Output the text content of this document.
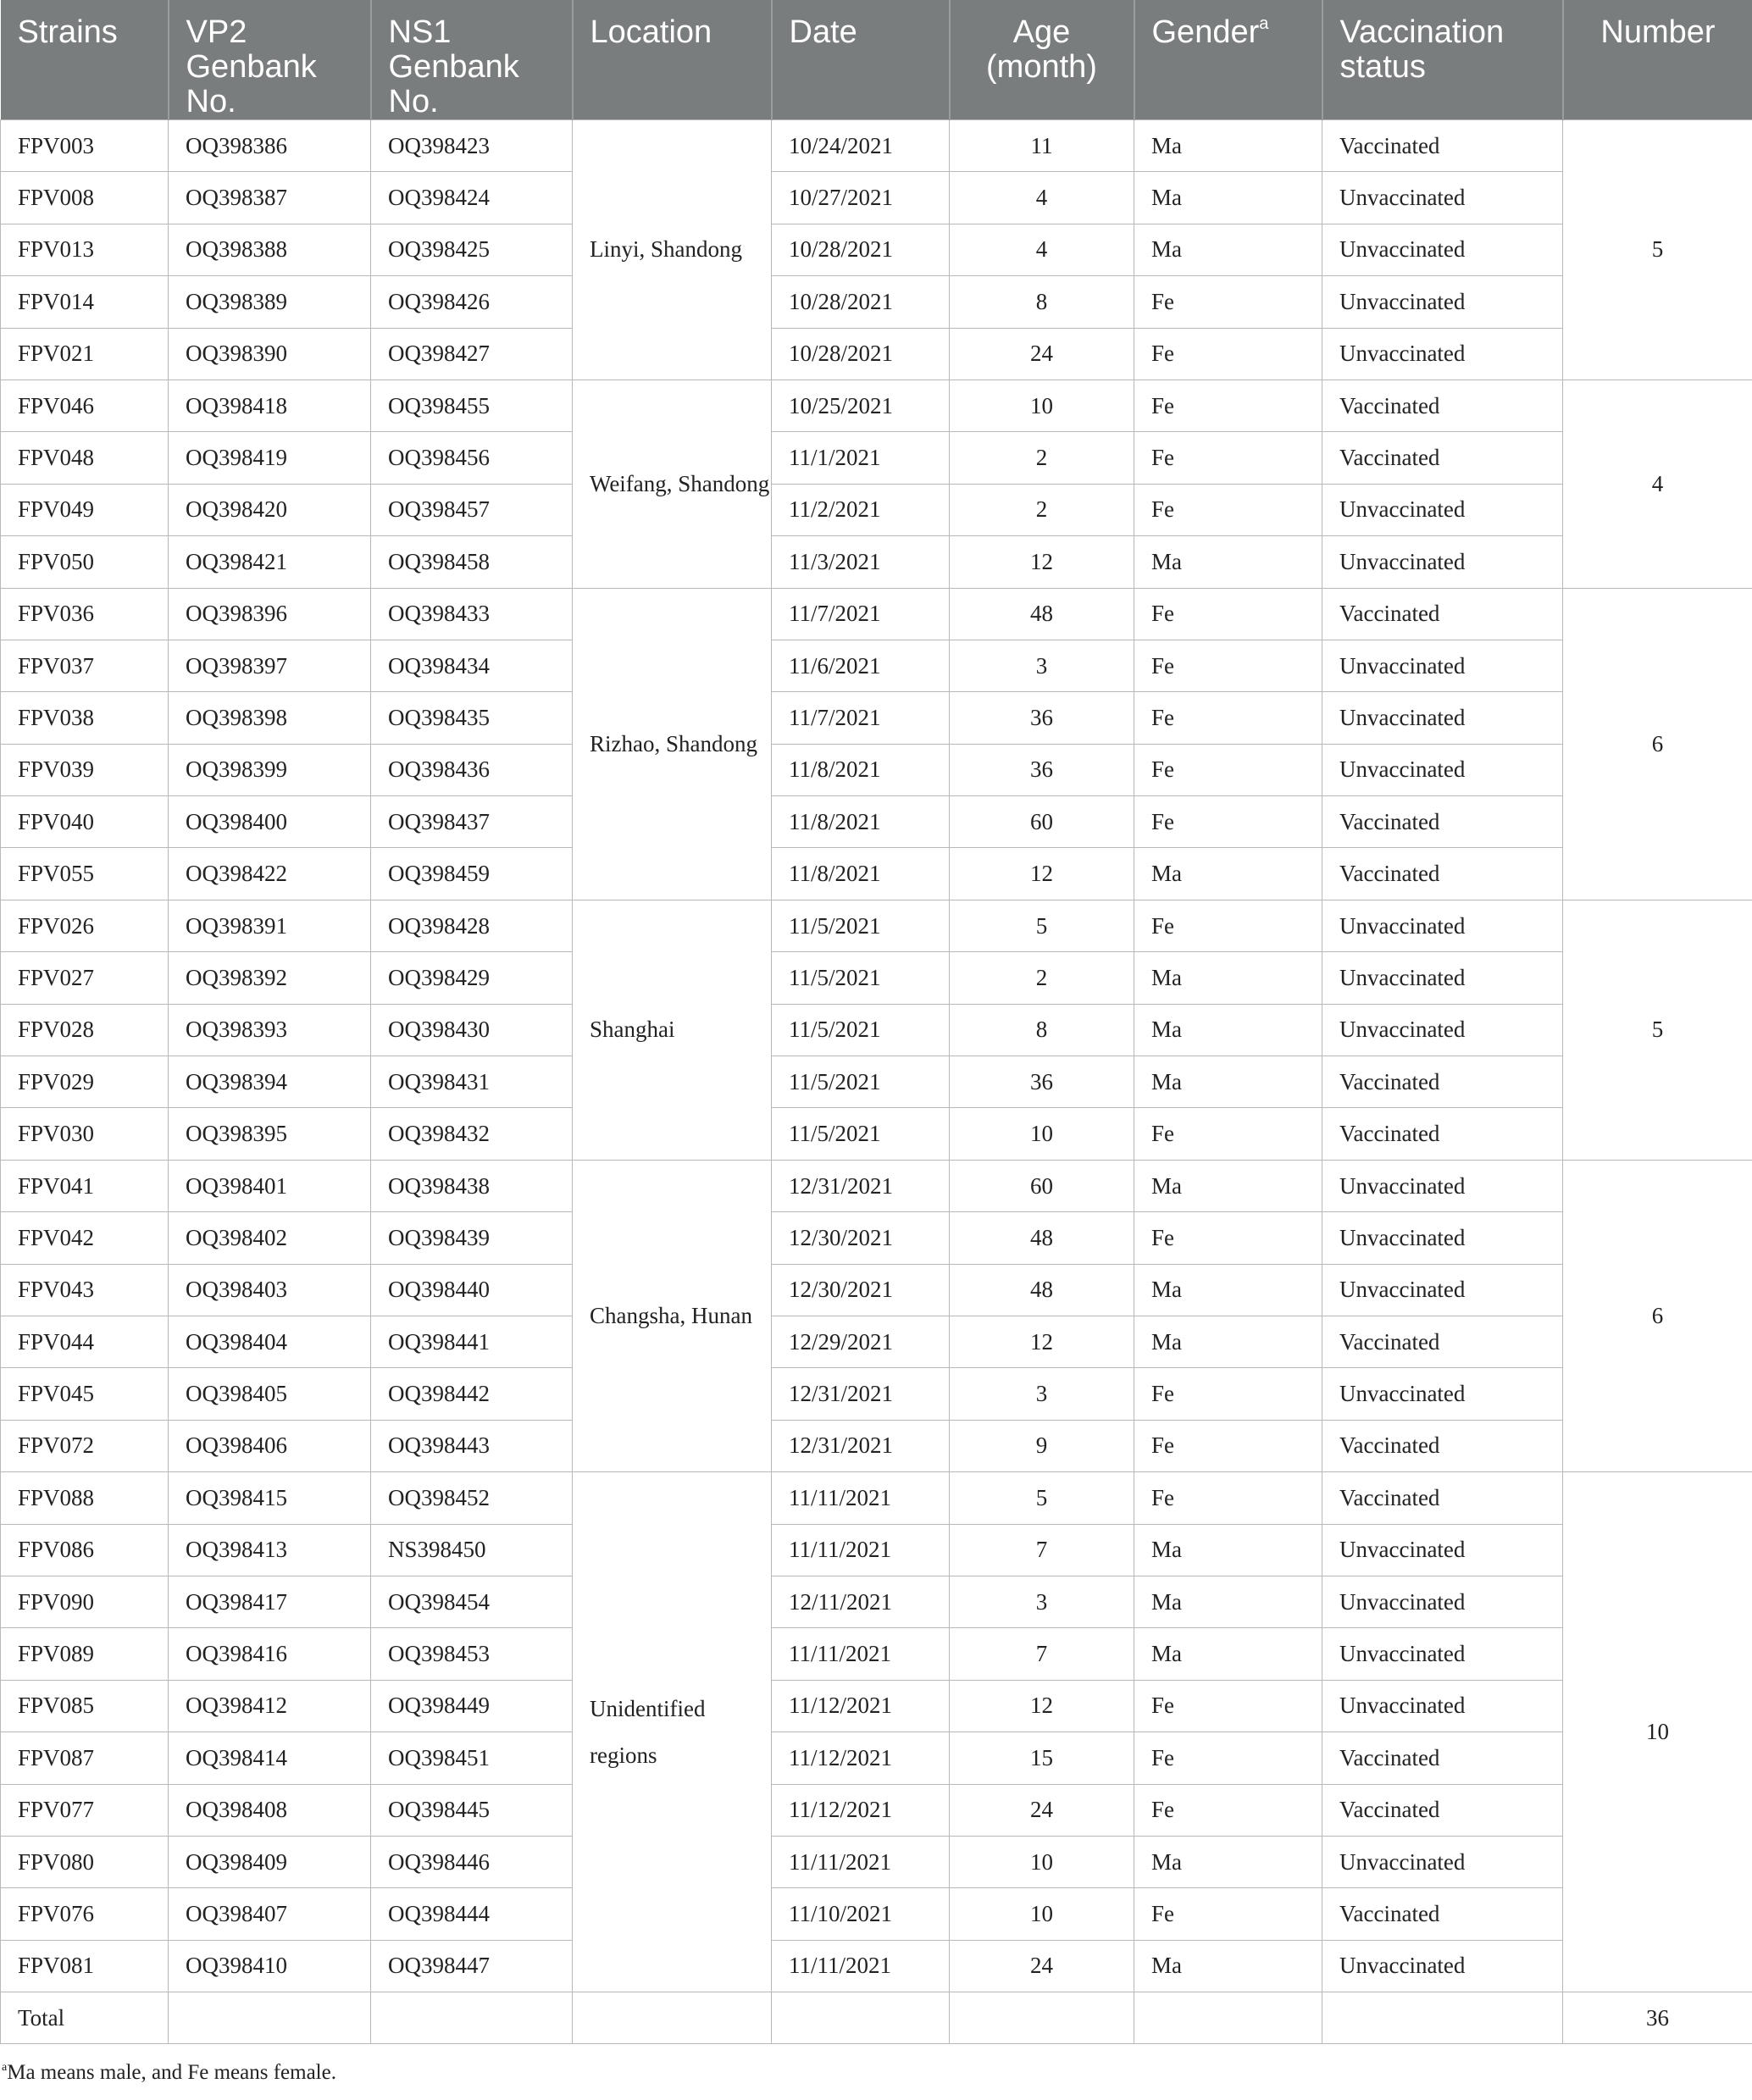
Strains	VP2 Genbank No.	NS1 Genbank No.	Location	Date	Age (month)	Gender$^a$	Vaccination status	Number
FPV003	OQ398386	OQ398423	Linyi, Shandong	10/24/2021	11	Ma	Vaccinated	5
FPV008	OQ398387	OQ398424		10/27/2021	4	Ma	Unvaccinated	
FPV013	OQ398388	OQ398425		10/28/2021	4	Ma	Unvaccinated	
FPV014	OQ398389	OQ398426		10/28/2021	8	Fe	Unvaccinated	
FPV021	OQ398390	OQ398427		10/28/2021	24	Fe	Unvaccinated	
FPV046	OQ398418	OQ398455	Weifang, Shandong	10/25/2021	10	Fe	Vaccinated	4
FPV048	OQ398419	OQ398456		11/1/2021	2	Fe	Vaccinated	
FPV049	OQ398420	OQ398457		11/2/2021	2	Fe	Unvaccinated	
FPV050	OQ398421	OQ398458		11/3/2021	12	Ma	Unvaccinated	
FPV036	OQ398396	OQ398433	Rizhao, Shandong	11/7/2021	48	Fe	Vaccinated	6
FPV037	OQ398397	OQ398434		11/6/2021	3	Fe	Unvaccinated	
FPV038	OQ398398	OQ398435		11/7/2021	36	Fe	Unvaccinated	
FPV039	OQ398399	OQ398436		11/8/2021	36	Fe	Unvaccinated	
FPV040	OQ398400	OQ398437		11/8/2021	60	Fe	Vaccinated	
FPV055	OQ398422	OQ398459		11/8/2021	12	Ma	Vaccinated	
FPV026	OQ398391	OQ398428	Shanghai	11/5/2021	5	Fe	Unvaccinated	5
FPV027	OQ398392	OQ398429		11/5/2021	2	Ma	Unvaccinated	
FPV028	OQ398393	OQ398430		11/5/2021	8	Ma	Unvaccinated	
FPV029	OQ398394	OQ398431		11/5/2021	36	Ma	Vaccinated	
FPV030	OQ398395	OQ398432		11/5/2021	10	Fe	Vaccinated	
FPV041	OQ398401	OQ398438	Changsha, Hunan	12/31/2021	60	Ma	Unvaccinated	6
FPV042	OQ398402	OQ398439		12/30/2021	48	Fe	Unvaccinated	
FPV043	OQ398403	OQ398440		12/30/2021	48	Ma	Unvaccinated	
FPV044	OQ398404	OQ398441		12/29/2021	12	Ma	Vaccinated	
FPV045	OQ398405	OQ398442		12/31/2021	3	Fe	Unvaccinated	
FPV072	OQ398406	OQ398443		12/31/2021	9	Fe	Vaccinated	
FPV088	OQ398415	OQ398452	Unidentified regions	11/11/2021	5	Fe	Vaccinated	10
FPV086	OQ398413	NS398450		11/11/2021	7	Ma	Unvaccinated	
FPV090	OQ398417	OQ398454		12/11/2021	3	Ma	Unvaccinated	
FPV089	OQ398416	OQ398453		11/11/2021	7	Ma	Unvaccinated	
FPV085	OQ398412	OQ398449		11/12/2021	12	Fe	Unvaccinated	
FPV087	OQ398414	OQ398451		11/12/2021	15	Fe	Vaccinated	
FPV077	OQ398408	OQ398445		11/12/2021	24	Fe	Vaccinated	
FPV080	OQ398409	OQ398446		11/11/2021	10	Ma	Unvaccinated	
FPV076	OQ398407	OQ398444		11/10/2021	10	Fe	Vaccinated	
FPV081	OQ398410	OQ398447		11/11/2021	24	Ma	Unvaccinated	
Total								36
$^a$Ma means male, and Fe means female.
